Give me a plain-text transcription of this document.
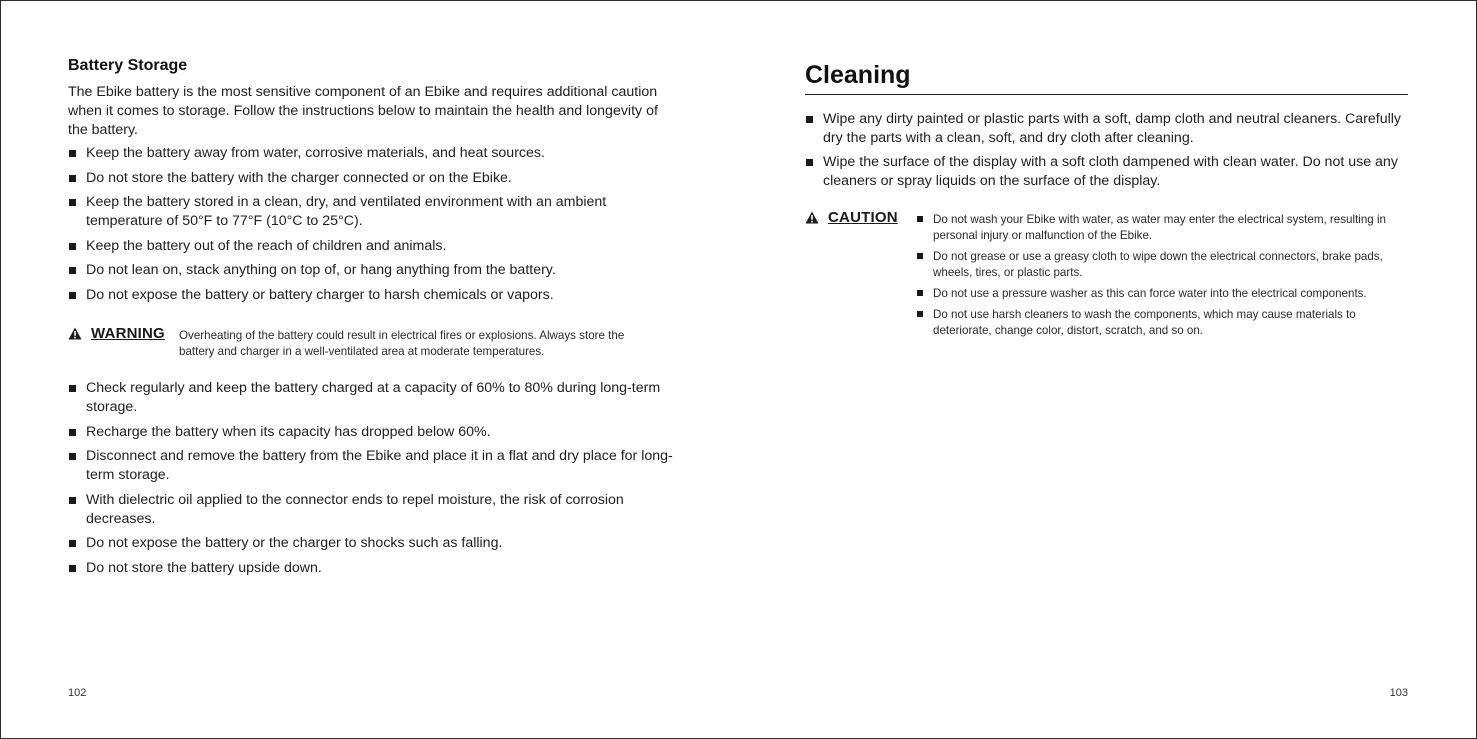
Battery Storage

The Ebike battery is the most sensitive component of an Ebike and requires additional caution when it comes to storage. Follow the instructions below to maintain the health and longevity of the battery.

Keep the battery away from water, corrosive materials, and heat sources.
Do not store the battery with the charger connected or on the Ebike.
Keep the battery stored in a clean, dry, and ventilated environment with an ambient temperature of 50°F to 77°F (10°C to 25°C).
Keep the battery out of the reach of children and animals.
Do not lean on, stack anything on top of, or hang anything from the battery.
Do not expose the battery or battery charger to harsh chemicals or vapors.
WARNING Overheating of the battery could result in electrical fires or explosions. Always store the battery and charger in a well-ventilated area at moderate temperatures.

Check regularly and keep the battery charged at a capacity of 60% to 80% during long-term storage.
Recharge the battery when its capacity has dropped below 60%.
Disconnect and remove the battery from the Ebike and place it in a flat and dry place for long-term storage.
With dielectric oil applied to the connector ends to repel moisture, the risk of corrosion decreases.
Do not expose the battery or the charger to shocks such as falling.
Do not store the battery upside down.
102
Cleaning
Wipe any dirty painted or plastic parts with a soft, damp cloth and neutral cleaners. Carefully dry the parts with a clean, soft, and dry cloth after cleaning.
Wipe the surface of the display with a soft cloth dampened with clean water. Do not use any cleaners or spray liquids on the surface of the display.
CAUTION	Do not wash your Ebike with water, as water may enter the electrical system, resulting in personal injury or malfunction of the Ebike.
Do not grease or use a greasy cloth to wipe down the electrical connectors, brake pads, wheels, tires, or plastic parts.
Do not use a pressure washer as this can force water into the electrical components.
Do not use harsh cleaners to wash the components, which may cause materials to deteriorate, change color, distort, scratch, and so on.
103
